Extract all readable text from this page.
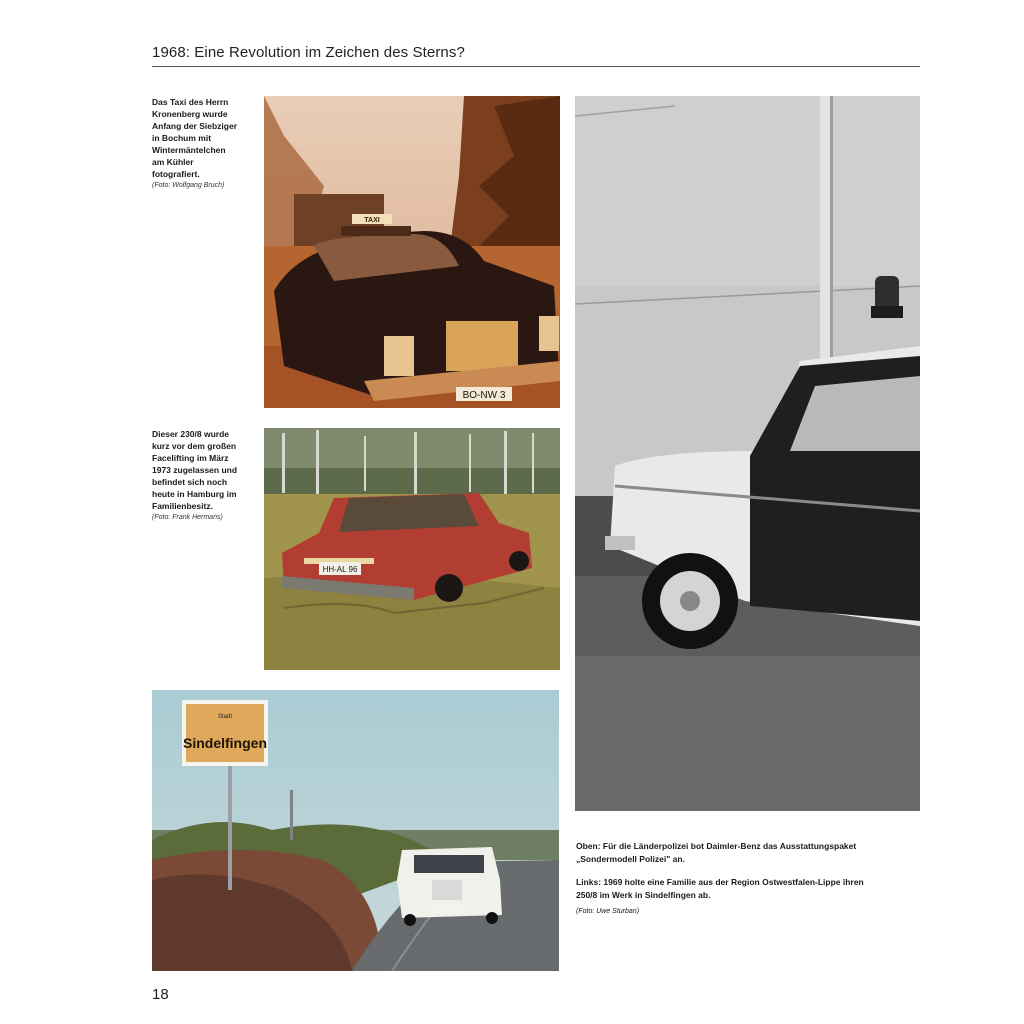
1968: Eine Revolution im Zeichen des Sterns?
Das Taxi des Herrn Kronenberg wurde Anfang der Siebziger in Bochum mit Wintermäntelchen am Kühler fotografiert.
(Foto: Wolfgang Bruch)
TAXI
BO-NW 3
Dieser 230/8 wurde kurz vor dem großen Facelifting im März 1973 zugelassen und befindet sich noch heute in Hamburg im Familienbesitz.
(Foto: Frank Hermans)
HH-AL 96
Stadt
Sindelfingen

Oben: Für die Länderpolizei bot Daimler-Benz das Ausstattungspaket „Sondermodell Polizei" an.

Links: 1969 holte eine Familie aus der Region Ostwestfalen-Lippe ihren 250/8 im Werk in Sindelfingen ab.

(Foto: Uwe Sturban)
18
